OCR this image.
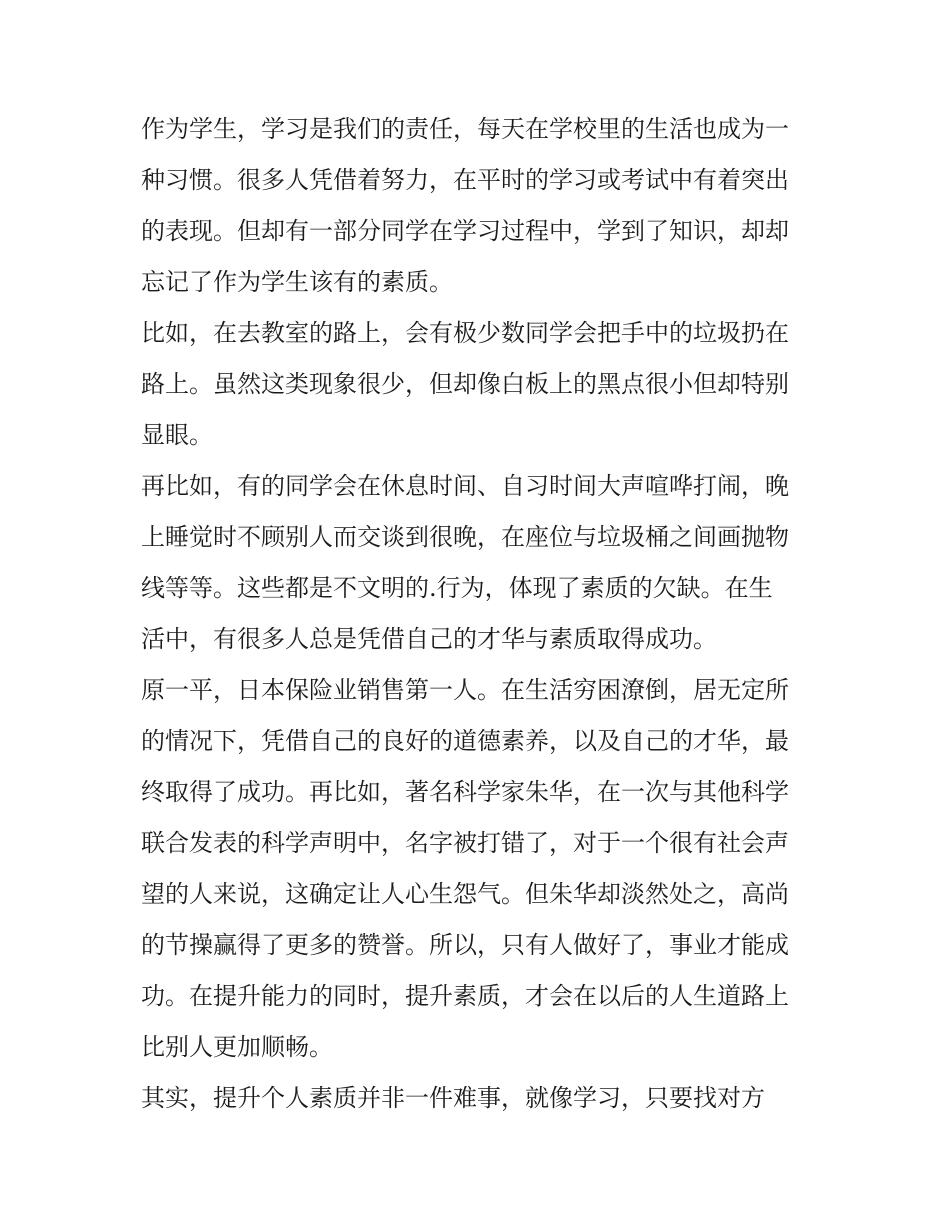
作为学生，学习是我们的责任，每天在学校里的生活也成为一
种习惯。很多人凭借着努力，在平时的学习或考试中有着突出
的表现。但却有一部分同学在学习过程中，学到了知识，却却
忘记了作为学生该有的素质。
比如，在去教室的路上，会有极少数同学会把手中的垃圾扔在
路上。虽然这类现象很少，但却像白板上的黑点很小但却特别
显眼。
再比如，有的同学会在休息时间、自习时间大声喧哗打闹，晚
上睡觉时不顾别人而交谈到很晚，在座位与垃圾桶之间画抛物
线等等。这些都是不文明的.行为，体现了素质的欠缺。在生
活中，有很多人总是凭借自己的才华与素质取得成功。
原一平，日本保险业销售第一人。在生活穷困潦倒，居无定所
的情况下，凭借自己的良好的道德素养，以及自己的才华，最
终取得了成功。再比如，著名科学家朱华，在一次与其他科学
联合发表的科学声明中，名字被打错了，对于一个很有社会声
望的人来说，这确定让人心生怨气。但朱华却淡然处之，高尚
的节操赢得了更多的赞誉。所以，只有人做好了，事业才能成
功。在提升能力的同时，提升素质，才会在以后的人生道路上
比别人更加顺畅。
其实，提升个人素质并非一件难事，就像学习，只要找对方
